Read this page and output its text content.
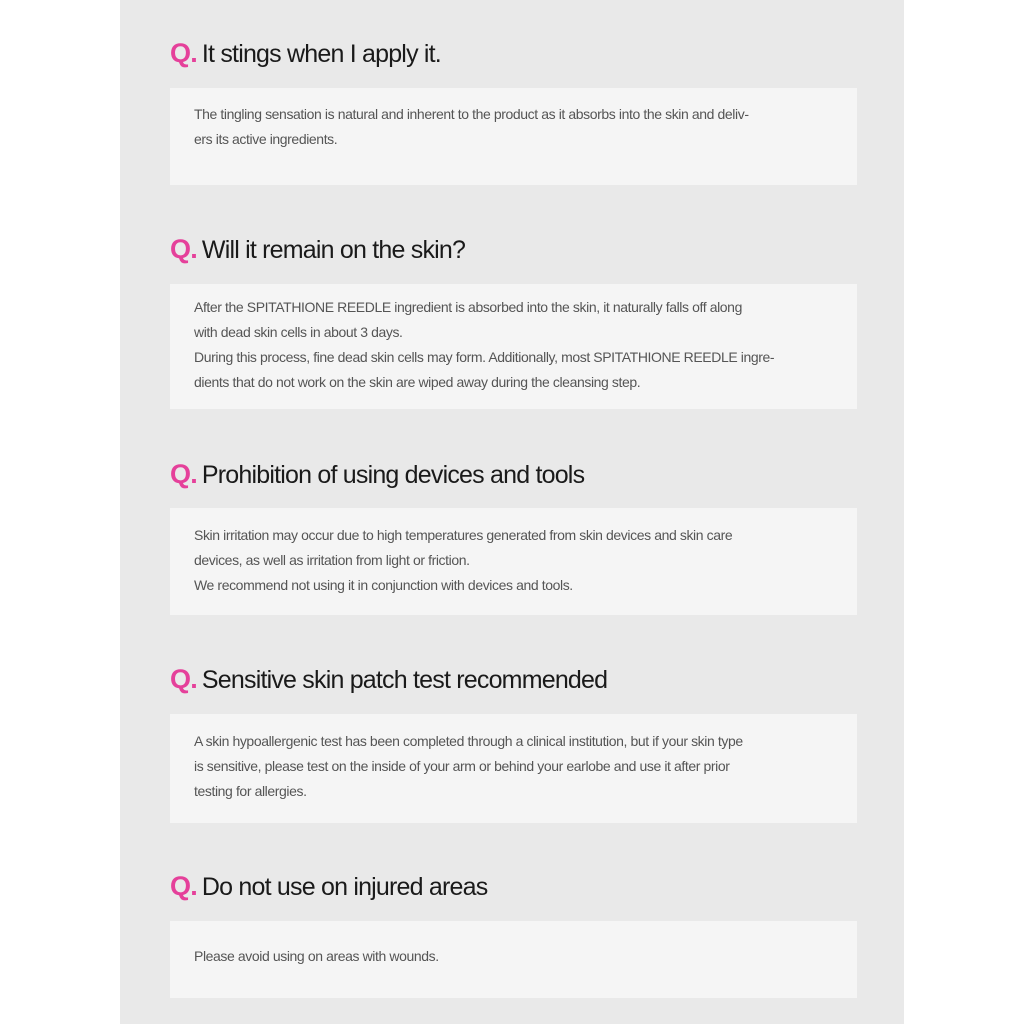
Q. It stings when I apply it.
The tingling sensation is natural and inherent to the product as it absorbs into the skin and deliv-
ers its active ingredients.
Q. Will it remain on the skin?
After the SPITATHIONE REEDLE ingredient is absorbed into the skin, it naturally falls off along
with dead skin cells in about 3 days.
During this process, fine dead skin cells may form. Additionally, most SPITATHIONE REEDLE ingre-
dients that do not work on the skin are wiped away during the cleansing step.
Q. Prohibition of using devices and tools
Skin irritation may occur due to high temperatures generated from skin devices and skin care
devices, as well as irritation from light or friction.
We recommend not using it in conjunction with devices and tools.
Q. Sensitive skin patch test recommended
A skin hypoallergenic test has been completed through a clinical institution, but if your skin type
is sensitive, please test on the inside of your arm or behind your earlobe and use it after prior
testing for allergies.
Q. Do not use on injured areas
Please avoid using on areas with wounds.
